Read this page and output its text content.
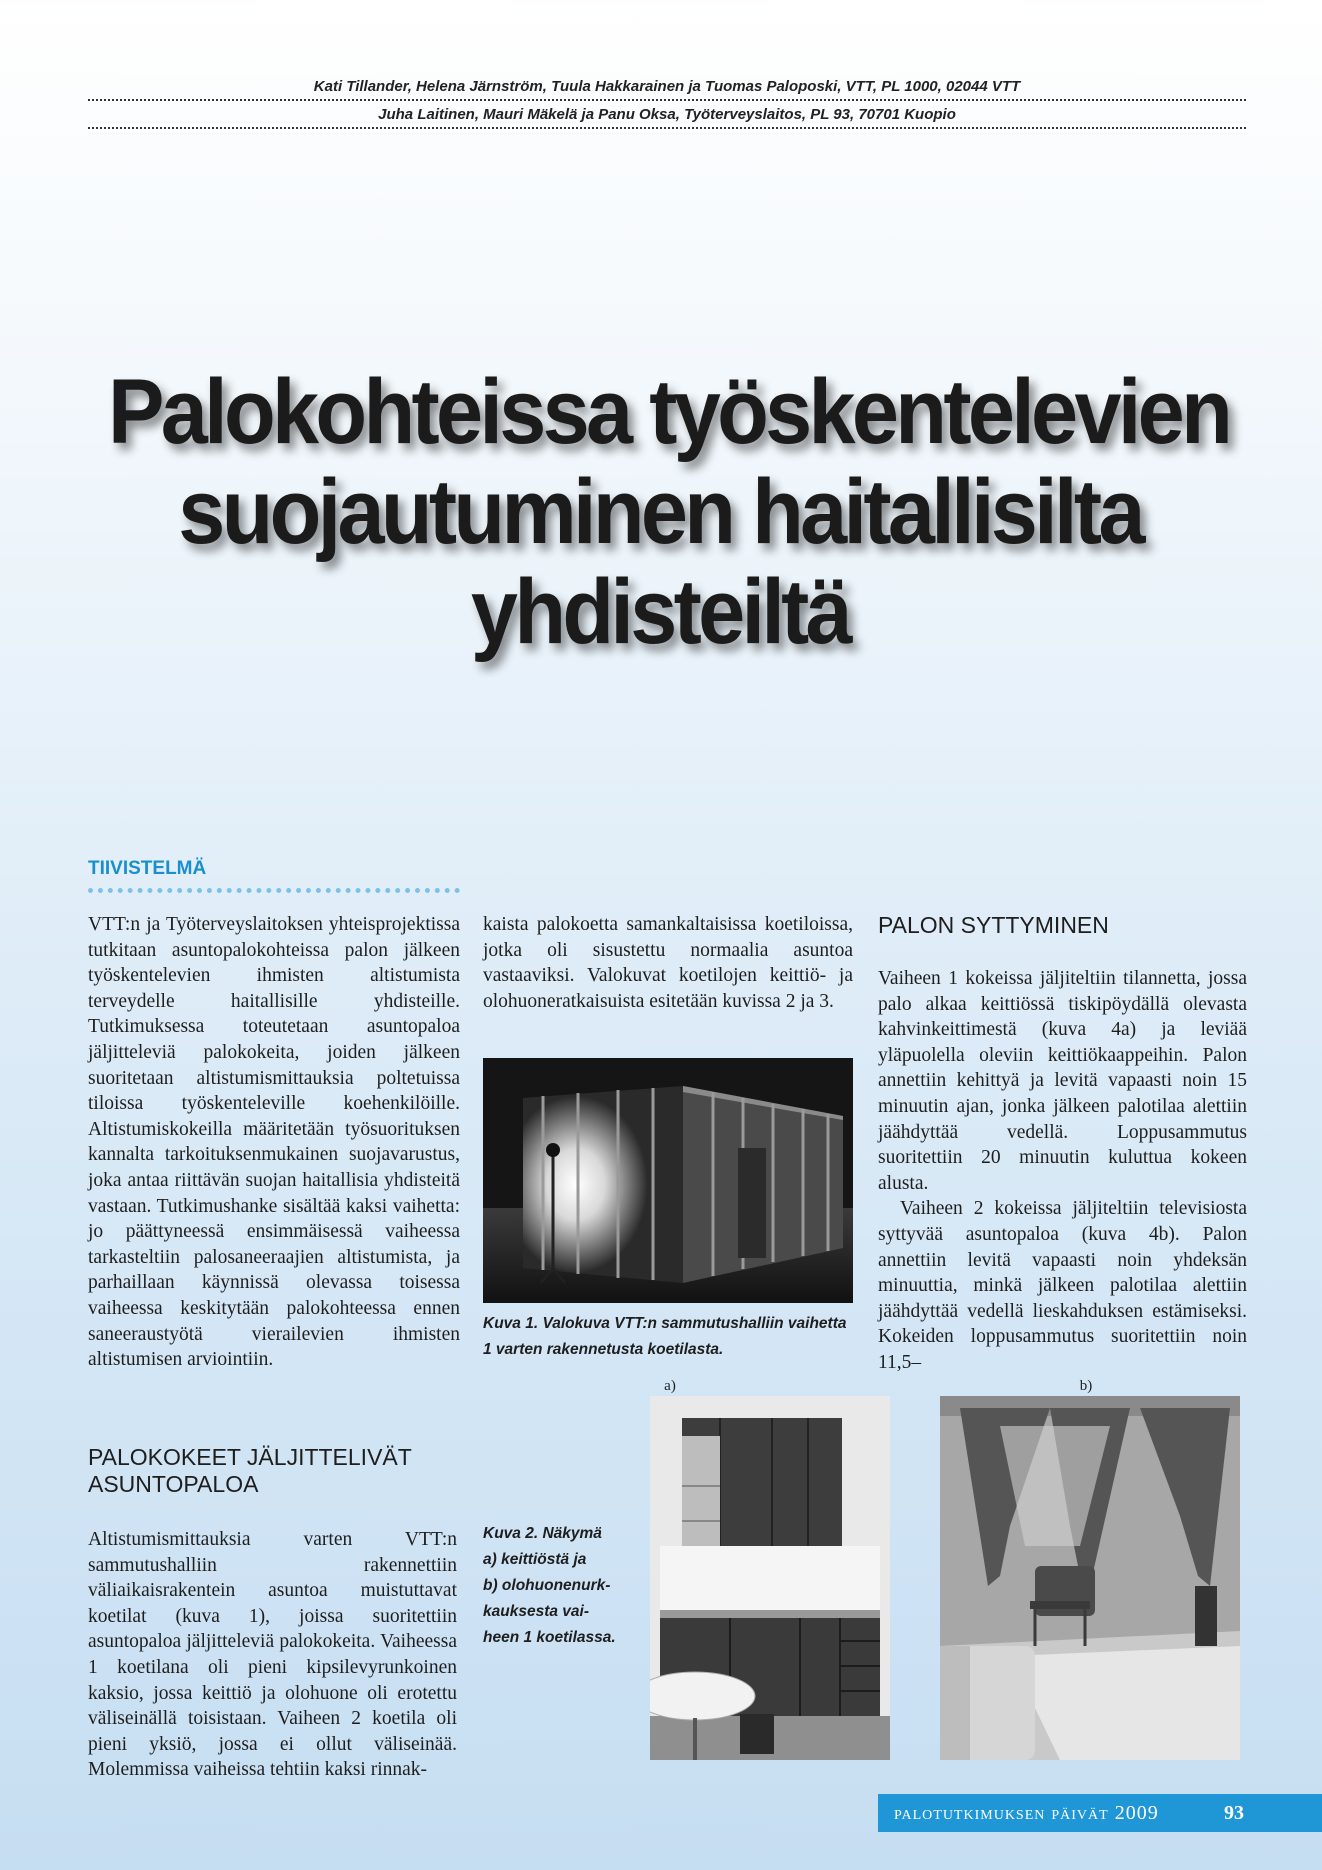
Kati Tillander, Helena Järnström, Tuula Hakkarainen ja Tuomas Paloposki, VTT, PL 1000, 02044 VTT
Juha Laitinen, Mauri Mäkelä ja Panu Oksa, Työterveyslaitos, PL 93, 70701 Kuopio
Palokohteissa työskentelevien
suojautuminen haitallisilta
yhdisteiltä
TIIVISTELMÄ

VTT:n ja Työterveyslaitoksen yhteisprojektissa tutkitaan asuntopalokohteissa palon jälkeen työskentelevien ihmisten altistumista terveydelle haitallisille yhdisteille. Tutkimuksessa toteutetaan asuntopaloa jäljitteleviä palokokeita, joiden jälkeen suoritetaan altistumismittauksia poltetuissa tiloissa työskenteleville koehenkilöille. Altistumiskokeilla määritetään työsuorituksen kannalta tarkoituksenmukainen suojavarustus, joka antaa riittävän suojan haitallisia yhdisteitä vastaan. Tutkimushanke sisältää kaksi vaihetta: jo päättyneessä ensimmäisessä vaiheessa tarkasteltiin palosaneeraajien altistumista, ja parhaillaan käynnissä olevassa toisessa vaiheessa keskitytään palokohteessa ennen saneeraustyötä vierailevien ihmisten altistumisen arviointiin.

PALOKOKEET JÄLJITTELIVÄT
ASUNTOPALOA

Altistumismittauksia varten VTT:n sammutushalliin rakennettiin väliaikaisrakentein asuntoa muistuttavat koetilat (kuva 1), joissa suoritettiin asuntopaloa jäljitteleviä palokokeita. Vaiheessa 1 koetilana oli pieni kipsilevyrunkoinen kaksio, jossa keittiö ja olohuone oli erotettu väliseinällä toisistaan. Vaiheen 2 koetila oli pieni yksiö, jossa ei ollut väliseinää. Molemmissa vaiheissa tehtiin kaksi rinnak-

kaista palokoetta samankaltaisissa koetiloissa, jotka oli sisustettu normaalia asuntoa vastaaviksi. Valokuvat koetilojen keittiö- ja olohuoneratkaisuista esitetään kuvissa 2 ja 3.

Kuva 1. Valokuva VTT:n sammutushalliin vaihetta
1 varten rakennetusta koetilasta.
PALON SYTTYMINEN

Vaiheen 1 kokeissa jäljiteltiin tilannetta, jossa palo alkaa keittiössä tiskipöydällä olevasta kahvinkeittimestä (kuva 4a) ja leviää yläpuolella oleviin keittiökaappeihin. Palon annettiin kehittyä ja levitä vapaasti noin 15 minuutin ajan, jonka jälkeen palotilaa alettiin jäähdyttää vedellä. Loppusammutus suoritettiin 20 minuutin kuluttua kokeen alusta.

Vaiheen 2 kokeissa jäljiteltiin televisiosta syttyvää asuntopaloa (kuva 4b). Palon annettiin levitä vapaasti noin yhdeksän minuuttia, minkä jälkeen palotilaa alettiin jäähdyttää vedellä lieskahduksen estämiseksi. Kokeiden loppusammutus suoritettiin noin 11,5–

a)	b)
Kuva 2. Näkymä
a) keittiöstä ja
b) olohuonenurk-
kauksesta vai-
heen 1 koetilassa.
palotutkimuksen päivät 2009	93
